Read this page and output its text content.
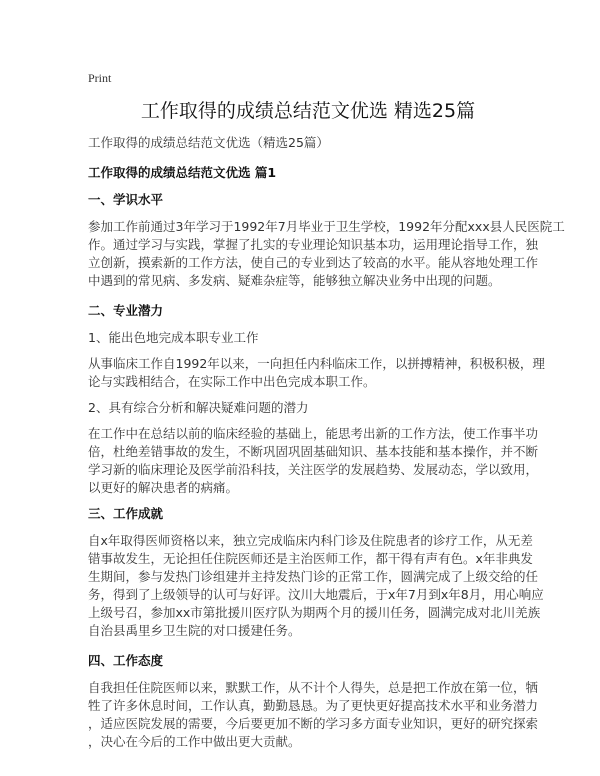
Print
工作取得的成绩总结范文优选 精选25篇
工作取得的成绩总结范文优选（精选25篇）
工作取得的成绩总结范文优选 篇1
一、学识水平
参加工作前通过3年学习于1992年7月毕业于卫生学校，1992年分配xxx县人民医院工
作。通过学习与实践，掌握了扎实的专业理论知识基本功，运用理论指导工作，独
立创新，摸索新的工作方法，使自己的专业到达了较高的水平。能从容地处理工作
中遇到的常见病、多发病、疑难杂症等，能够独立解决业务中出现的问题。
二、专业潜力
1、能出色地完成本职专业工作
从事临床工作自1992年以来，一向担任内科临床工作，以拼搏精神，积极积极，理
论与实践相结合，在实际工作中出色完成本职工作。
2、具有综合分析和解决疑难问题的潜力
在工作中在总结以前的临床经验的基础上，能思考出新的工作方法，使工作事半功
倍，杜绝差错事故的发生，不断巩固巩固基础知识、基本技能和基本操作，并不断
学习新的临床理论及医学前沿科技，关注医学的发展趋势、发展动态，学以致用，
以更好的解决患者的病痛。
三、工作成就
自x年取得医师资格以来，独立完成临床内科门诊及住院患者的诊疗工作，从无差
错事故发生，无论担任住院医师还是主治医师工作，都干得有声有色。x年非典发
生期间，参与发热门诊组建并主持发热门诊的正常工作，圆满完成了上级交给的任
务，得到了上级领导的认可与好评。汶川大地震后，于x年7月到x年8月，用心响应
上级号召，参加xx市第批援川医疗队为期两个月的援川任务，圆满完成对北川羌族
自治县禹里乡卫生院的对口援建任务。
四、工作态度
自我担任住院医师以来，默默工作，从不计个人得失，总是把工作放在第一位，牺
牲了许多休息时间，工作认真，勤勤恳恳。为了更快更好提高技术水平和业务潜力
，适应医院发展的需要，今后要更加不断的学习多方面专业知识，更好的研究探索
，决心在今后的工作中做出更大贡献。
